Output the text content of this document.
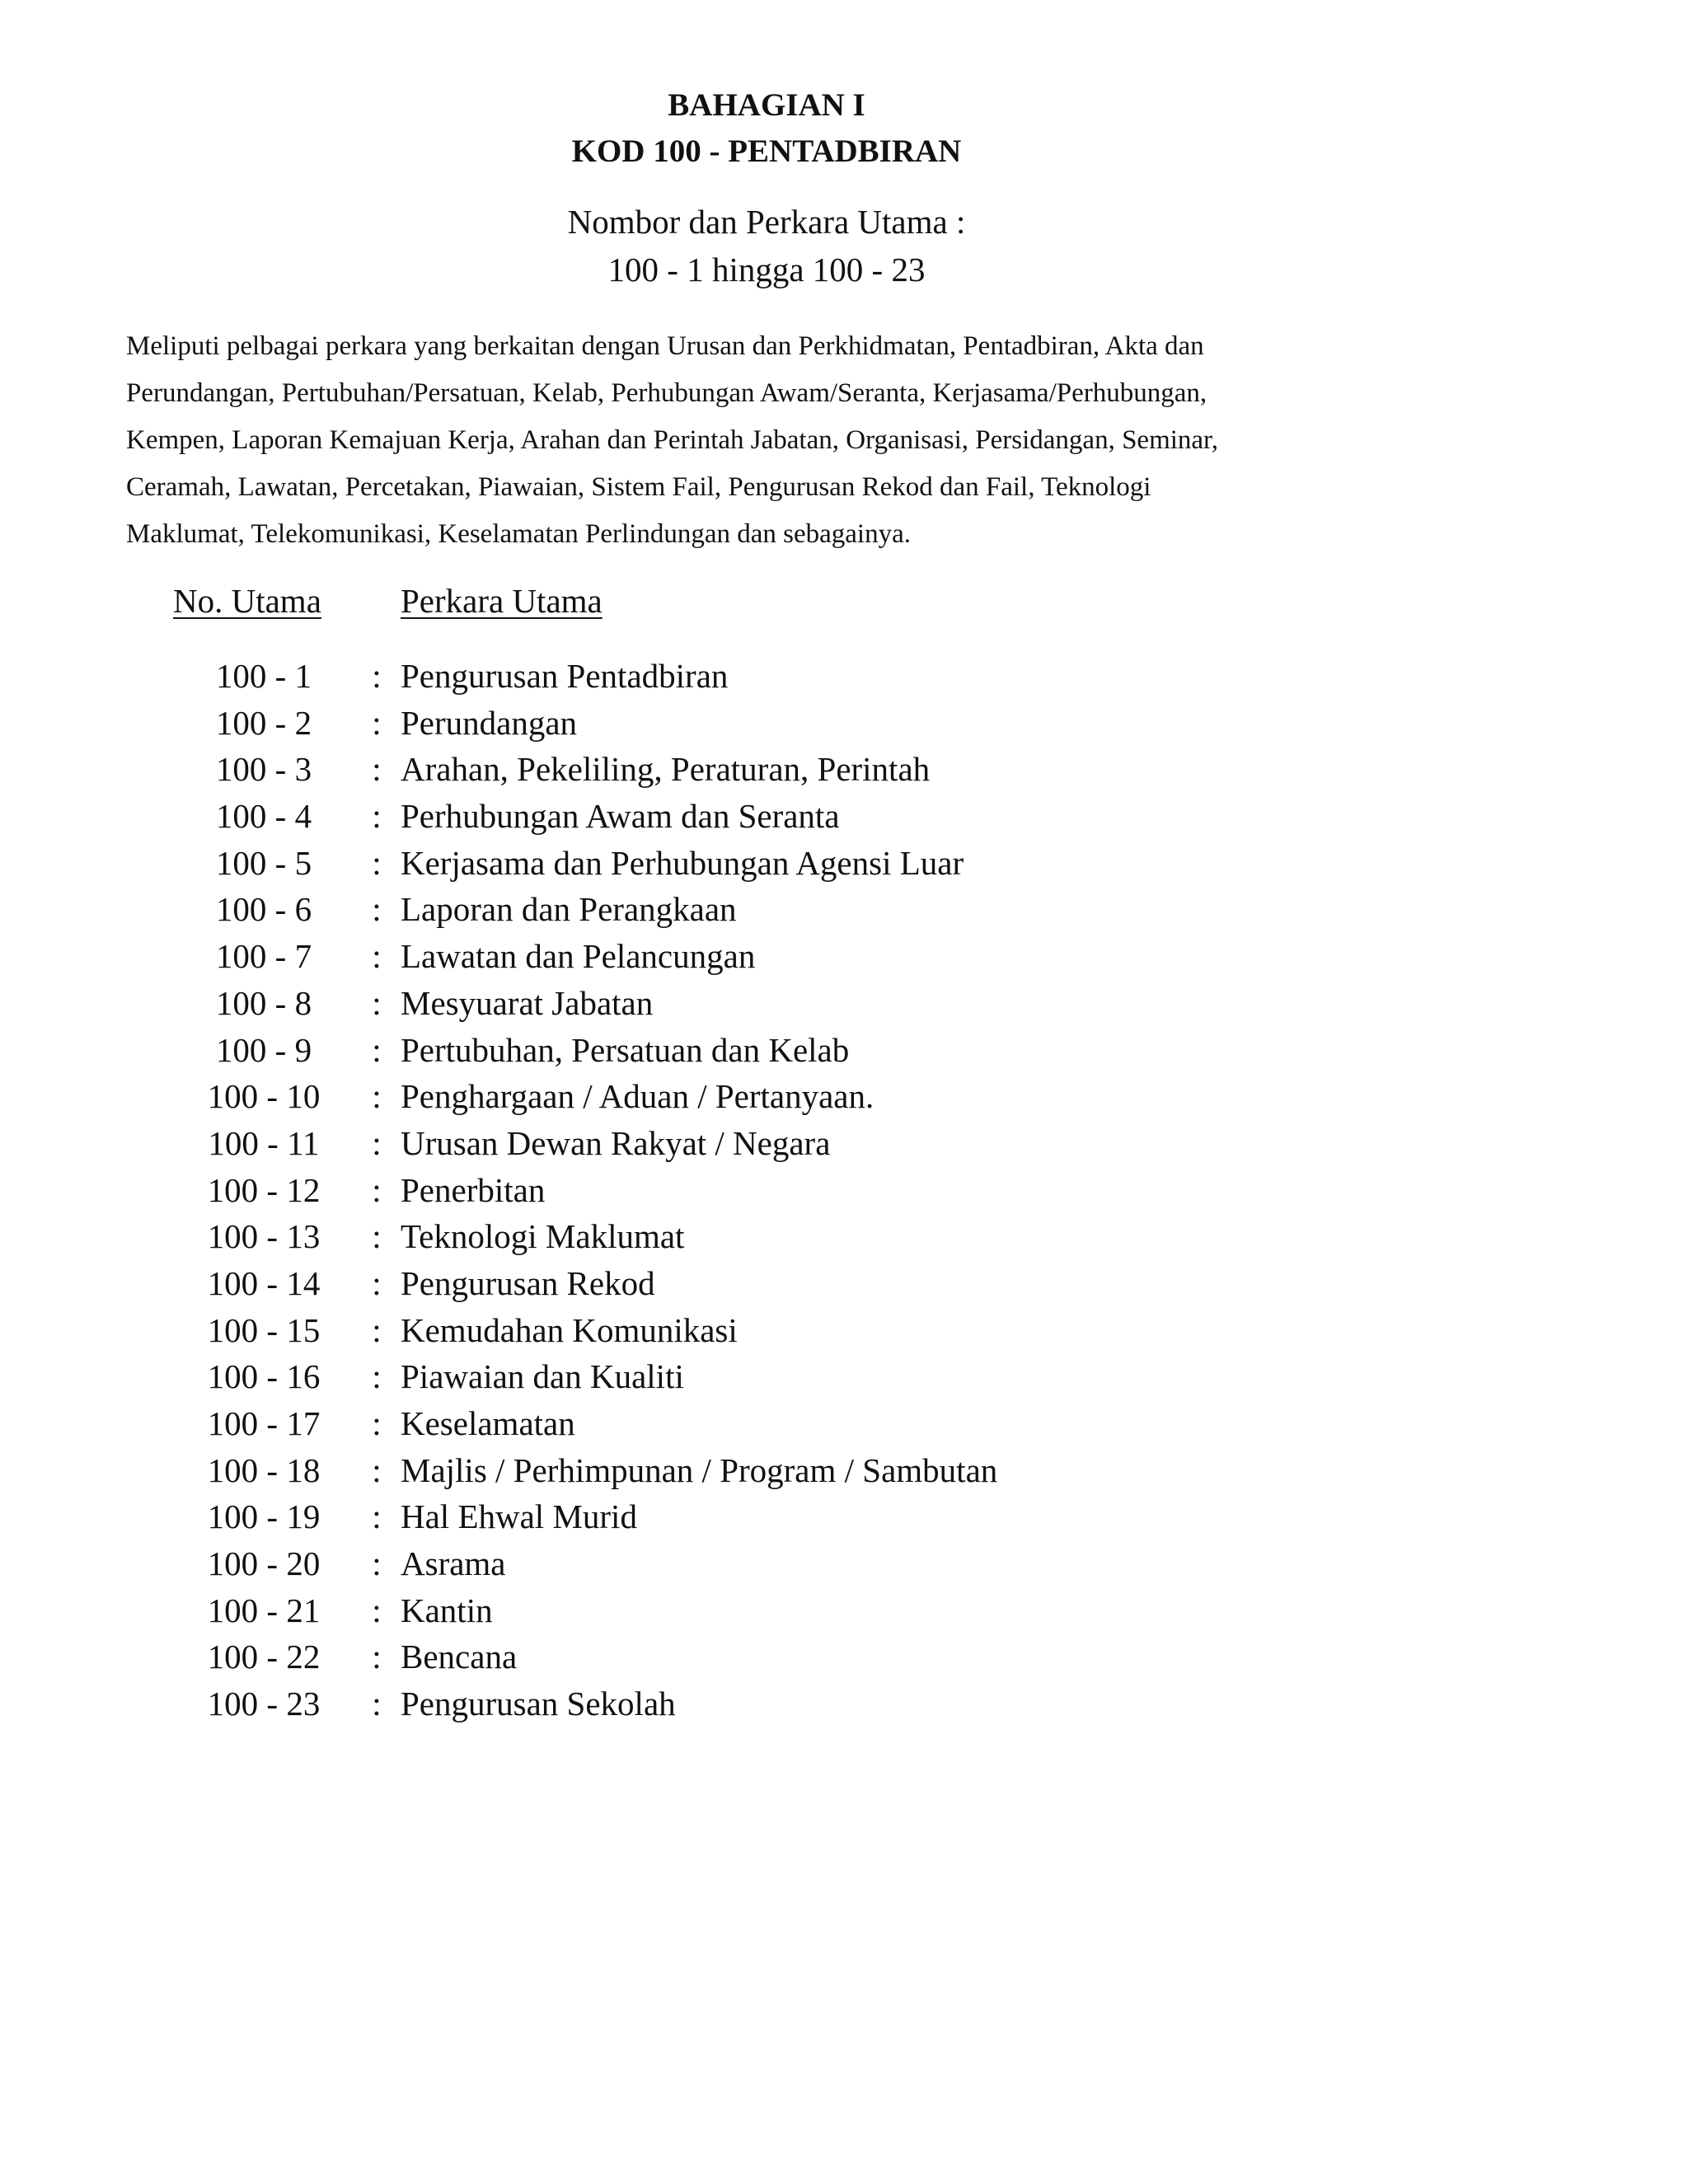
BAHAGIAN I

KOD 100 - PENTADBIRAN

Nombor dan Perkara Utama :

100 - 1 hingga 100 - 23

Meliputi pelbagai perkara yang berkaitan dengan Urusan dan Perkhidmatan, Pentadbiran, Akta dan
Perundangan, Pertubuhan/Persatuan, Kelab, Perhubungan Awam/Seranta, Kerjasama/Perhubungan,
Kempen, Laporan Kemajuan Kerja, Arahan dan Perintah Jabatan, Organisasi, Persidangan, Seminar,
Ceramah, Lawatan, Percetakan, Piawaian, Sistem Fail, Pengurusan Rekod dan Fail, Teknologi
Maklumat, Telekomunikasi, Keselamatan Perlindungan dan sebagainya.
No. Utama Perkara Utama
100 - 1	: Pengurusan Pentadbiran
100 - 2	: Perundangan
100 - 3	: Arahan, Pekeliling, Peraturan, Perintah
100 - 4	: Perhubungan Awam dan Seranta
100 - 5	: Kerjasama dan Perhubungan Agensi Luar
100 - 6	: Laporan dan Perangkaan
100 - 7	: Lawatan dan Pelancungan
100 - 8	: Mesyuarat Jabatan
100 - 9	: Pertubuhan, Persatuan dan Kelab
100 - 10	: Penghargaan / Aduan / Pertanyaan.
100 - 11	: Urusan Dewan Rakyat / Negara
100 - 12	: Penerbitan
100 - 13	: Teknologi Maklumat
100 - 14	: Pengurusan Rekod
100 - 15	: Kemudahan Komunikasi
100 - 16	: Piawaian dan Kualiti
100 - 17	: Keselamatan
100 - 18	: Majlis / Perhimpunan / Program / Sambutan
100 - 19	: Hal Ehwal Murid
100 - 20	: Asrama
100 - 21	: Kantin
100 - 22	: Bencana
100 - 23	: Pengurusan Sekolah
